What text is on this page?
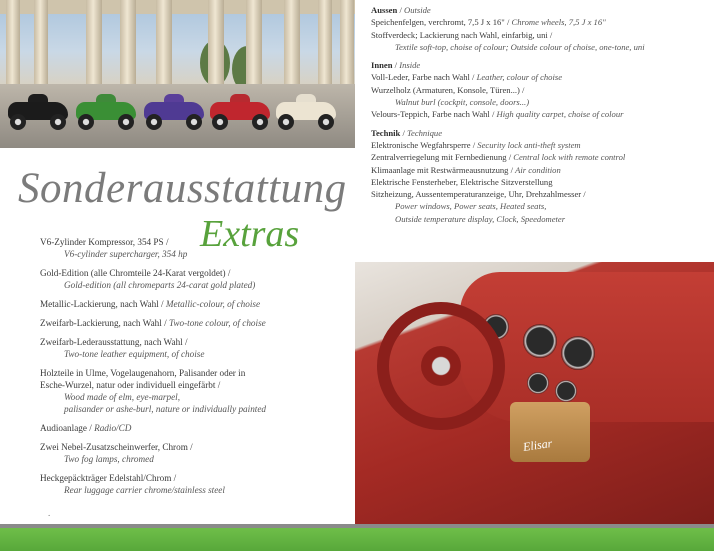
Sonderausstattung
Extras
V6-Zylinder Kompressor, 354 PS /
V6-cylinder supercharger, 354 hp
Gold-Edition (alle Chromteile 24-Karat vergoldet) /
Gold-edition (all chromeparts 24-carat gold plated)
Metallic-Lackierung, nach Wahl / Metallic-colour, of choise
Zweifarb-Lackierung, nach Wahl / Two-tone colour, of choise
Zweifarb-Lederausstattung, nach Wahl /
Two-tone leather equipment, of choise
Holzteile in Ulme, Vogelaugenahorn, Palisander oder in Esche-Wurzel, natur oder individuell eingefärbt /
Wood made of elm, eye-marpel,
palisander or ashe-burl, nature or individually painted
Audioanlage / Radio/CD
Zwei Nebel-Zusatzscheinwerfer, Chrom /
Two fog lamps, chromed
Heckgepäckträger Edelstahl/Chrom /
Rear luggage carrier chrome/stainless steel
.
Aussen / Outside
Speichenfelgen, verchromt, 7,5 J x 16" / Chrome wheels, 7,5 J x 16"
Stoffverdeck; Lackierung nach Wahl, einfarbig, uni /
Textile soft-top, choise of colour; Outside colour of choise, one-tone, uni
Innen / Inside
Voll-Leder, Farbe nach Wahl / Leather, colour of choise
Wurzelholz (Armaturen, Konsole, Türen...) /
Walnut burl (cockpit, console, doors...)
Velours-Teppich, Farbe nach Wahl / High quality carpet, choise of colour
Technik / Technique
Elektronische Wegfahrsperre / Security lock anti-theft system
Zentralverriegelung mit Fernbedienung / Central lock with remote control
Klimaanlage mit Restwärmeausnutzung / Air condition
Elektrische Fensterheber, Elektrische Sitzverstellung
Sitzheizung, Aussentemperaturanzeige, Uhr, Drehzahlmesser /
Power windows, Power seats, Heated seats,
Outside temperature display, Clock, Speedometer
Elisar
